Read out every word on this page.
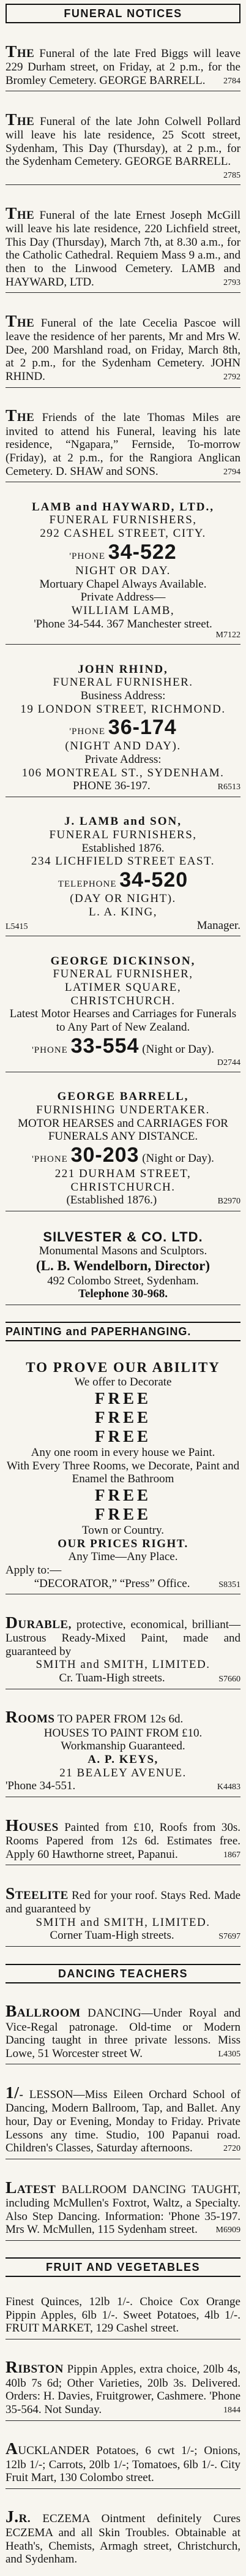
FUNERAL NOTICES

THE Funeral of the late Fred Biggs will leave 229 Durham street, on Friday, at 2 p.m., for the Bromley Cemetery. GEORGE BARRELL. 2784

THE Funeral of the late John Colwell Pollard will leave his late residence, 25 Scott street, Sydenham, This Day (Thursday), at 2 p.m., for the Sydenham Cemetery. GEORGE BARRELL.
2785

THE Funeral of the late Ernest Joseph McGill will leave his late residence, 220 Lichfield street, This Day (Thursday), March 7th, at 8.30 a.m., for the Catholic Cathedral. Requiem Mass 9 a.m., and then to the Linwood Cemetery. LAMB and HAYWARD, LTD.	2793

THE Funeral of the late Cecelia Pascoe will leave the residence of her parents, Mr and Mrs W. Dee, 200 Marshland road, on Friday, March 8th, at 2 p.m., for the Sydenham Cemetery. JOHN RHIND.	2792

THE Friends of the late Thomas Miles are invited to attend his Funeral, leaving his late residence, “Ngapara,” Fernside, To-morrow (Friday), at 2 p.m., for the Rangiora Anglican Cemetery. D. SHAW and SONS.	2794

LAMB and HAYWARD, LTD.,
FUNERAL FURNISHERS,
292 CASHEL STREET, CITY.
'PHONE 34-522
NIGHT OR DAY.
Mortuary Chapel Always Available.
Private Address—
WILLIAM LAMB,
'Phone 34-544. 367 Manchester street.
M7122
JOHN RHIND,
FUNERAL FURNISHER.
Business Address:
19 LONDON STREET, RICHMOND.
'PHONE 36-174
(NIGHT AND DAY).
Private Address:
106 MONTREAL ST., SYDENHAM.
PHONE 36-197.	R6513
J. LAMB and SON,
FUNERAL FURNISHERS,
Established 1876.
234 LICHFIELD STREET EAST.
TELEPHONE 34-520
(DAY OR NIGHT).
L. A. KING,
L5415	Manager.
GEORGE DICKINSON,
FUNERAL FURNISHER,
LATIMER SQUARE,
CHRISTCHURCH.
Latest Motor Hearses and Carriages for Funerals to Any Part of New Zealand.
'PHONE 33-554 (Night or Day).
D2744
GEORGE BARRELL,
FURNISHING UNDERTAKER.
MOTOR HEARSES and CARRIAGES FOR FUNERALS ANY DISTANCE.
'PHONE 30-203 (Night or Day).
221 DURHAM STREET,
CHRISTCHURCH.
(Established 1876.)	B2970
SILVESTER & CO. LTD.
Monumental Masons and Sculptors.
(L. B. Wendelborn, Director)
492 Colombo Street, Sydenham.
Telephone 30-968.
PAINTING and PAPERHANGING.
TO PROVE OUR ABILITY
We offer to Decorate
FREE
FREE
FREE
Any one room in every house we Paint.
With Every Three Rooms, we Decorate, Paint and Enamel the Bathroom
FREE
FREE
Town or Country.
OUR PRICES RIGHT.
Any Time—Any Place.
Apply to:—
“DECORATOR,” “Press” Office.	S8351

DURABLE, protective, economical, brilliant—Lustrous Ready-Mixed Paint, made and guaranteed by

SMITH and SMITH, LIMITED.
Cr. Tuam-High streets.	S7660

ROOMS TO PAPER FROM 12s 6d.

HOUSES TO PAINT FROM £10.
Workmanship Guaranteed.
A. P. KEYS,
21 BEALEY AVENUE.
'Phone 34-551.	K4483

HOUSES Painted from £10, Roofs from 30s. Rooms Papered from 12s 6d. Estimates free. Apply 60 Hawthorne street, Papanui.	1867

STEELITE Red for your roof. Stays Red. Made and guaranteed by

SMITH and SMITH, LIMITED.
Corner Tuam-High streets.	S7697
DANCING TEACHERS

BALLROOM DANCING—Under Royal and Vice-Regal patronage. Old-time or Modern Dancing taught in three private lessons. Miss Lowe, 51 Worcester street W.	L4305

1/- LESSON—Miss Eileen Orchard School of Dancing, Modern Ballroom, Tap, and Ballet. Any hour, Day or Evening, Monday to Friday. Private Lessons any time. Studio, 100 Papanui road. Children's Classes, Saturday afternoons.	2720

LATEST BALLROOM DANCING TAUGHT, including McMullen's Foxtrot, Waltz, a Specialty. Also Step Dancing. Information: 'Phone 35-197. Mrs W. McMullen, 115 Sydenham street. M6909

FRUIT AND VEGETABLES

Finest Quinces, 12lb 1/-. Choice Cox Orange Pippin Apples, 6lb 1/-. Sweet Potatoes, 4lb 1/-. FRUIT MARKET, 129 Cashel street.

RIBSTON Pippin Apples, extra choice, 20lb 4s, 40lb 7s 6d; Other Varieties, 20lb 3s. Delivered. Orders: H. Davies, Fruitgrower, Cashmere. 'Phone 35-564. Not Sunday.	1844

AUCKLANDER Potatoes, 6 cwt 1/-; Onions, 12lb 1/-; Carrots, 20lb 1/-; Tomatoes, 6lb 1/-. City Fruit Mart, 130 Colombo street.

J.R. ECZEMA Ointment definitely Cures ECZEMA and all Skin Troubles. Obtainable at Heath's, Chemists, Armagh street, Christchurch, and Sydenham.
